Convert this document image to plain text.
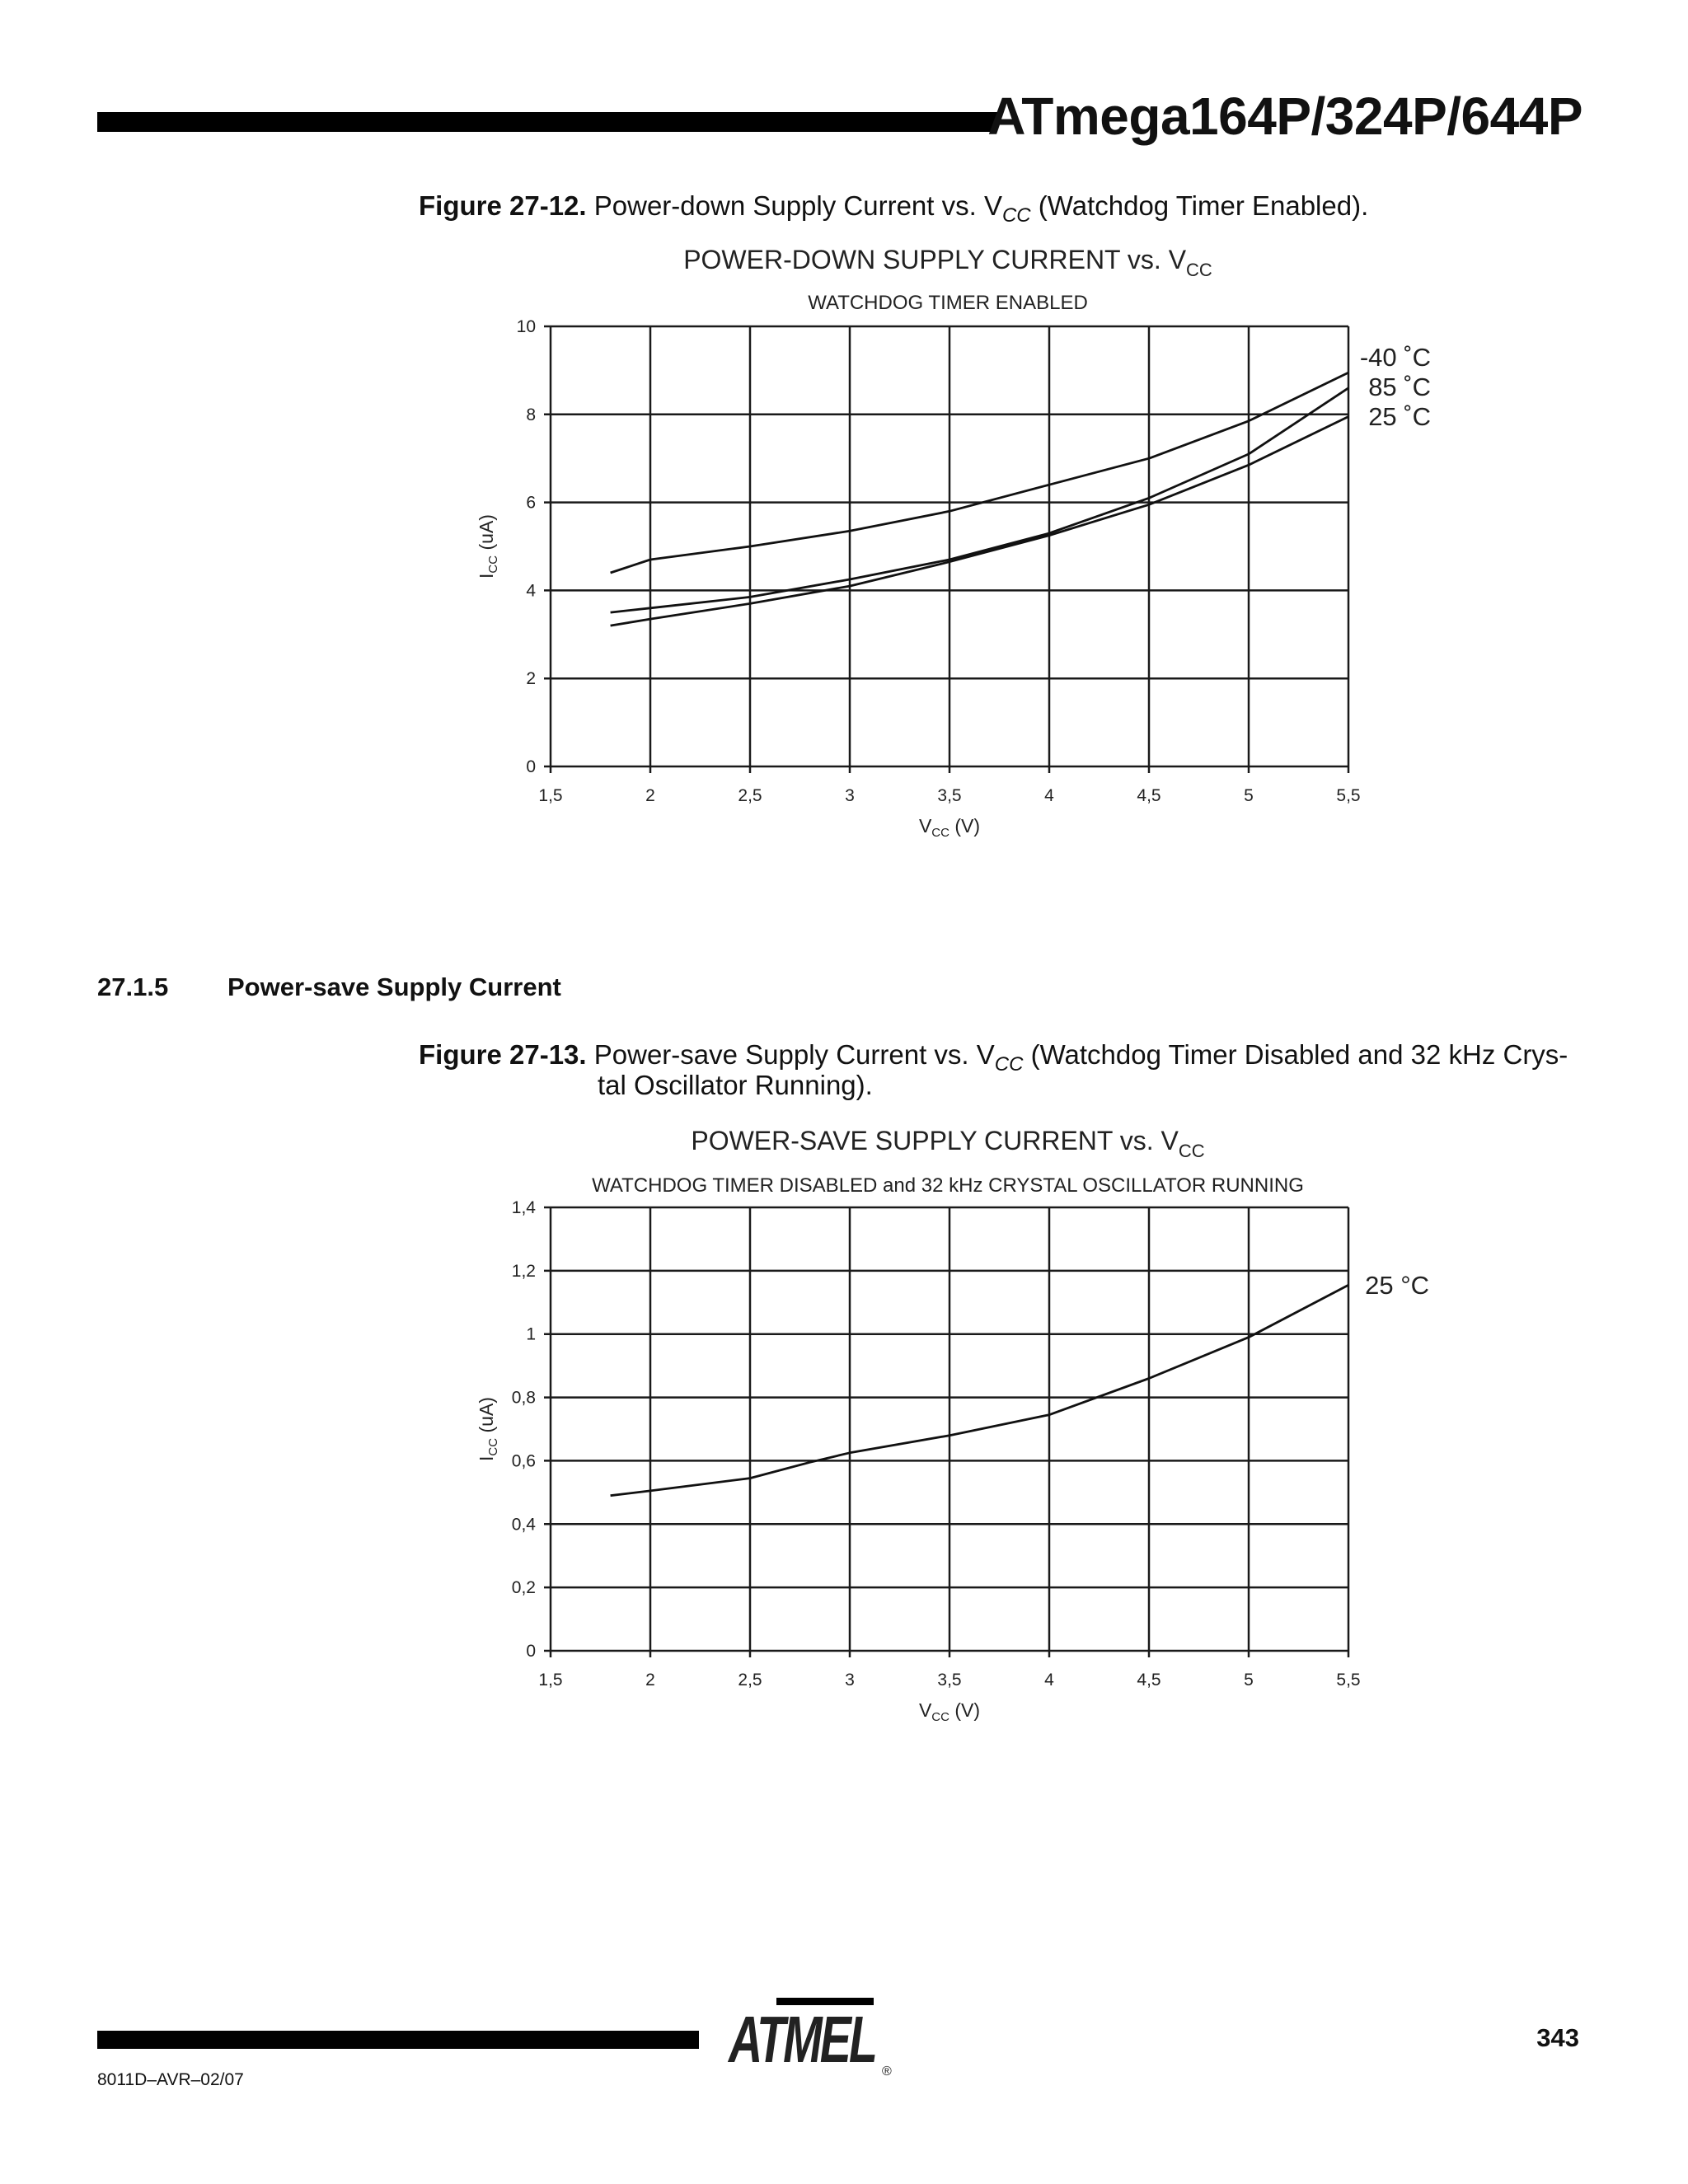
ATmega164P/324P/644P
Figure 27-12. Power-down Supply Current vs. $V_{CC}$ (Watchdog Timer Enabled).
27.1.5 Power-save Supply Current
Figure 27-13. Power-save Supply Current vs. $V_{CC}$ (Watchdog Timer Disabled and 32 kHz Crys-
tal Oscillator Running).
POWER-DOWN SUPPLY CURRENT vs. $V_{CC}$
WATCHDOG TIMER ENABLED
1,5	2	2,5	3	3,5	4	4,5	5	5,5
0
2
4
6
8
10
$V_{CC}$ (V)
$I_{CC}$ (uA)
-40 ˚C
85 ˚C
25 ˚C
POWER-SAVE SUPPLY CURRENT vs. $V_{CC}$
WATCHDOG TIMER DISABLED and 32 kHz CRYSTAL OSCILLATOR RUNNING
1,5	2	2,5	3	3,5	4	4,5	5	5,5
0
0,2
0,4
0,6
0,8
1
1,2
1,4
$V_{CC}$ (V)
$I_{CC}$ (uA)
25 °C
343
8011D–AVR–02/07
ATMEL ®
